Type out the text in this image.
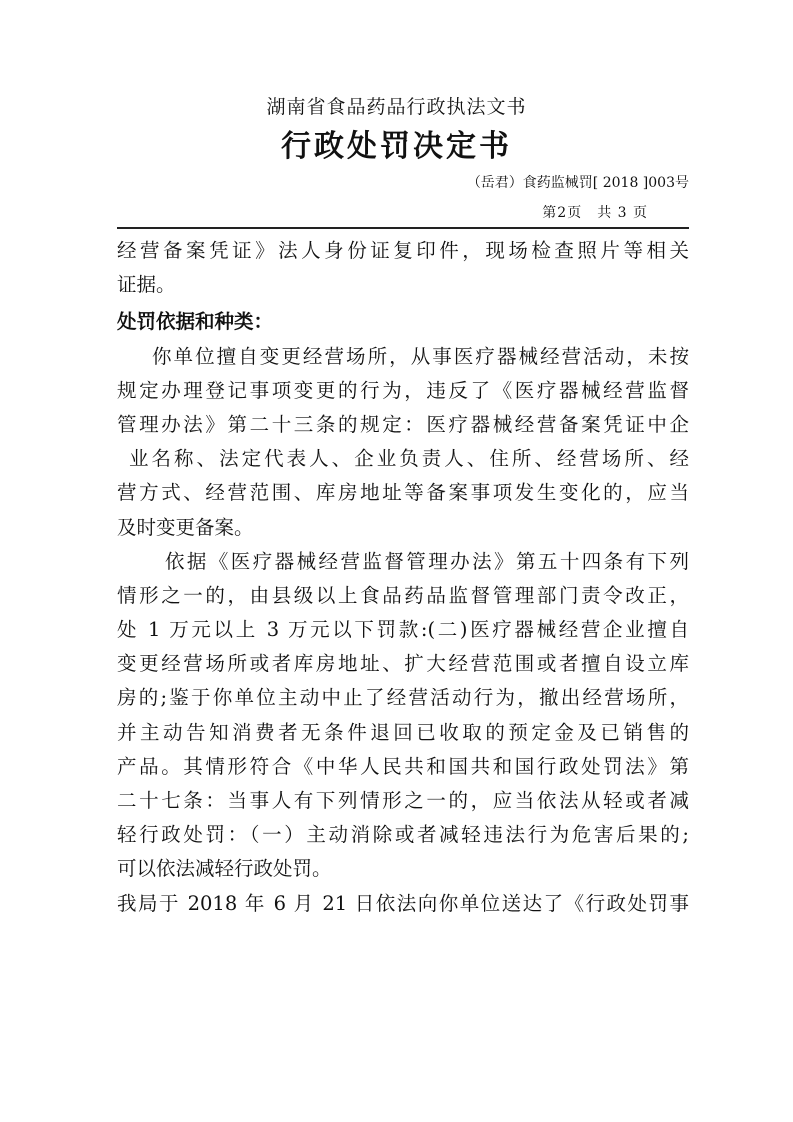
湖南省食品药品行政执法文书
行政处罚决定书
（岳君）食药监械罚[ 2018 ]003号
第2页　共 3 页
经营备案凭证》法人身份证复印件，现场检查照片等相关
证据。
处罚依据和种类：
你单位擅自变更经营场所，从事医疗器械经营活动，未按
规定办理登记事项变更的行为，违反了《医疗器械经营监督
管理办法》第二十三条的规定：医疗器械经营备案凭证中企
业名称、法定代表人、企业负责人、住所、经营场所、经
营方式、经营范围、库房地址等备案事项发生变化的，应当
及时变更备案。
依据《医疗器械经营监督管理办法》第五十四条有下列
情形之一的，由县级以上食品药品监督管理部门责令改正，
处 1 万元以上 3 万元以下罚款:(二)医疗器械经营企业擅自
变更经营场所或者库房地址、扩大经营范围或者擅自设立库
房的;鉴于你单位主动中止了经营活动行为，撤出经营场所，
并主动告知消费者无条件退回已收取的预定金及已销售的
产品。其情形符合《中华人民共和国共和国行政处罚法》第
二十七条：当事人有下列情形之一的，应当依法从轻或者减
轻行政处罚：（一）主动消除或者减轻违法行为危害后果的;
可以依法减轻行政处罚。
我局于 2018 年 6 月 21 日依法向你单位送达了《行政处罚事
